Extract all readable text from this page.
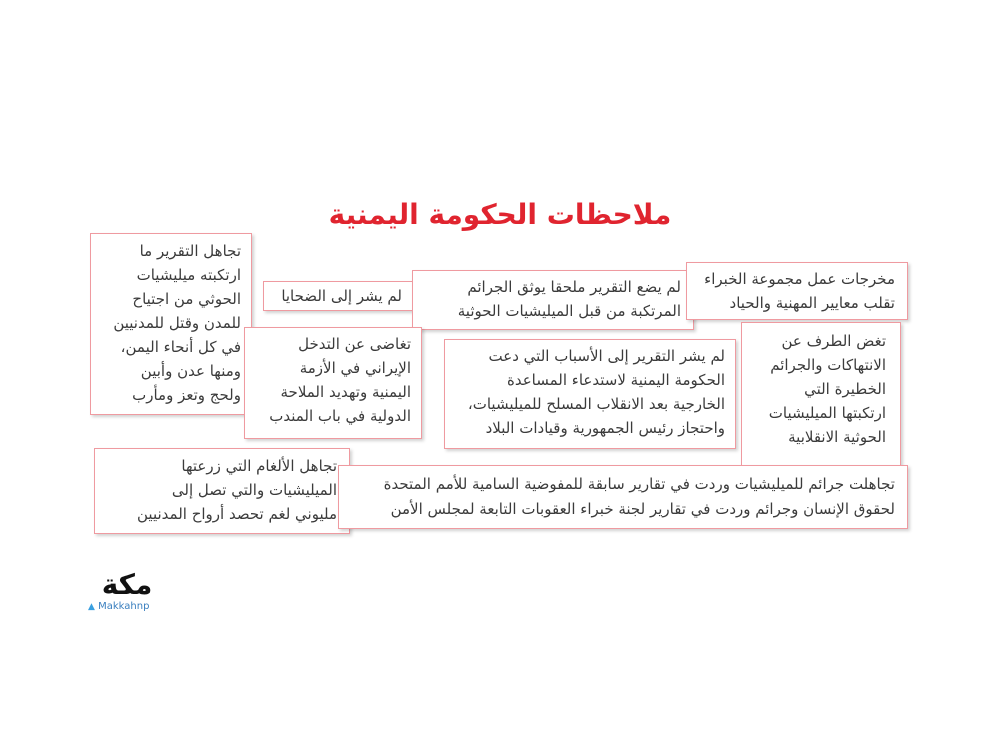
ملاحظات الحكومة اليمنية
تجاهل التقرير ما
ارتكبته ميليشيات
الحوثي من اجتياح
للمدن وقتل للمدنيين
في كل أنحاء اليمن،
ومنها عدن وأبين
ولحج وتعز ومأرب
لم يشر إلى الضحايا	لم يضع التقرير ملحقا يوثق الجرائم
المرتكبة من قبل الميليشيات الحوثية
مخرجات عمل مجموعة الخبراء
تقلب معايير المهنية والحياد
تغاضى عن التدخل
الإيراني في الأزمة
اليمنية وتهديد الملاحة
الدولية في باب المندب
لم يشر التقرير إلى الأسباب التي دعت
الحكومة اليمنية لاستدعاء المساعدة
الخارجية بعد الانقلاب المسلح للميليشيات،
واحتجاز رئيس الجمهورية وقيادات البلاد
تغض الطرف عن
الانتهاكات والجرائم
الخطيرة التي
ارتكبتها الميليشيات
الحوثية الانقلابية
تجاهل الألغام التي زرعتها
الميليشيات والتي تصل إلى
مليوني لغم تحصد أرواح المدنيين
تجاهلت جرائم للميليشيات وردت في تقارير سابقة للمفوضية السامية للأمم المتحدة
لحقوق الإنسان وجرائم وردت في تقارير لجنة خبراء العقوبات التابعة لمجلس الأمن
مكة
▲ Makkahnp
